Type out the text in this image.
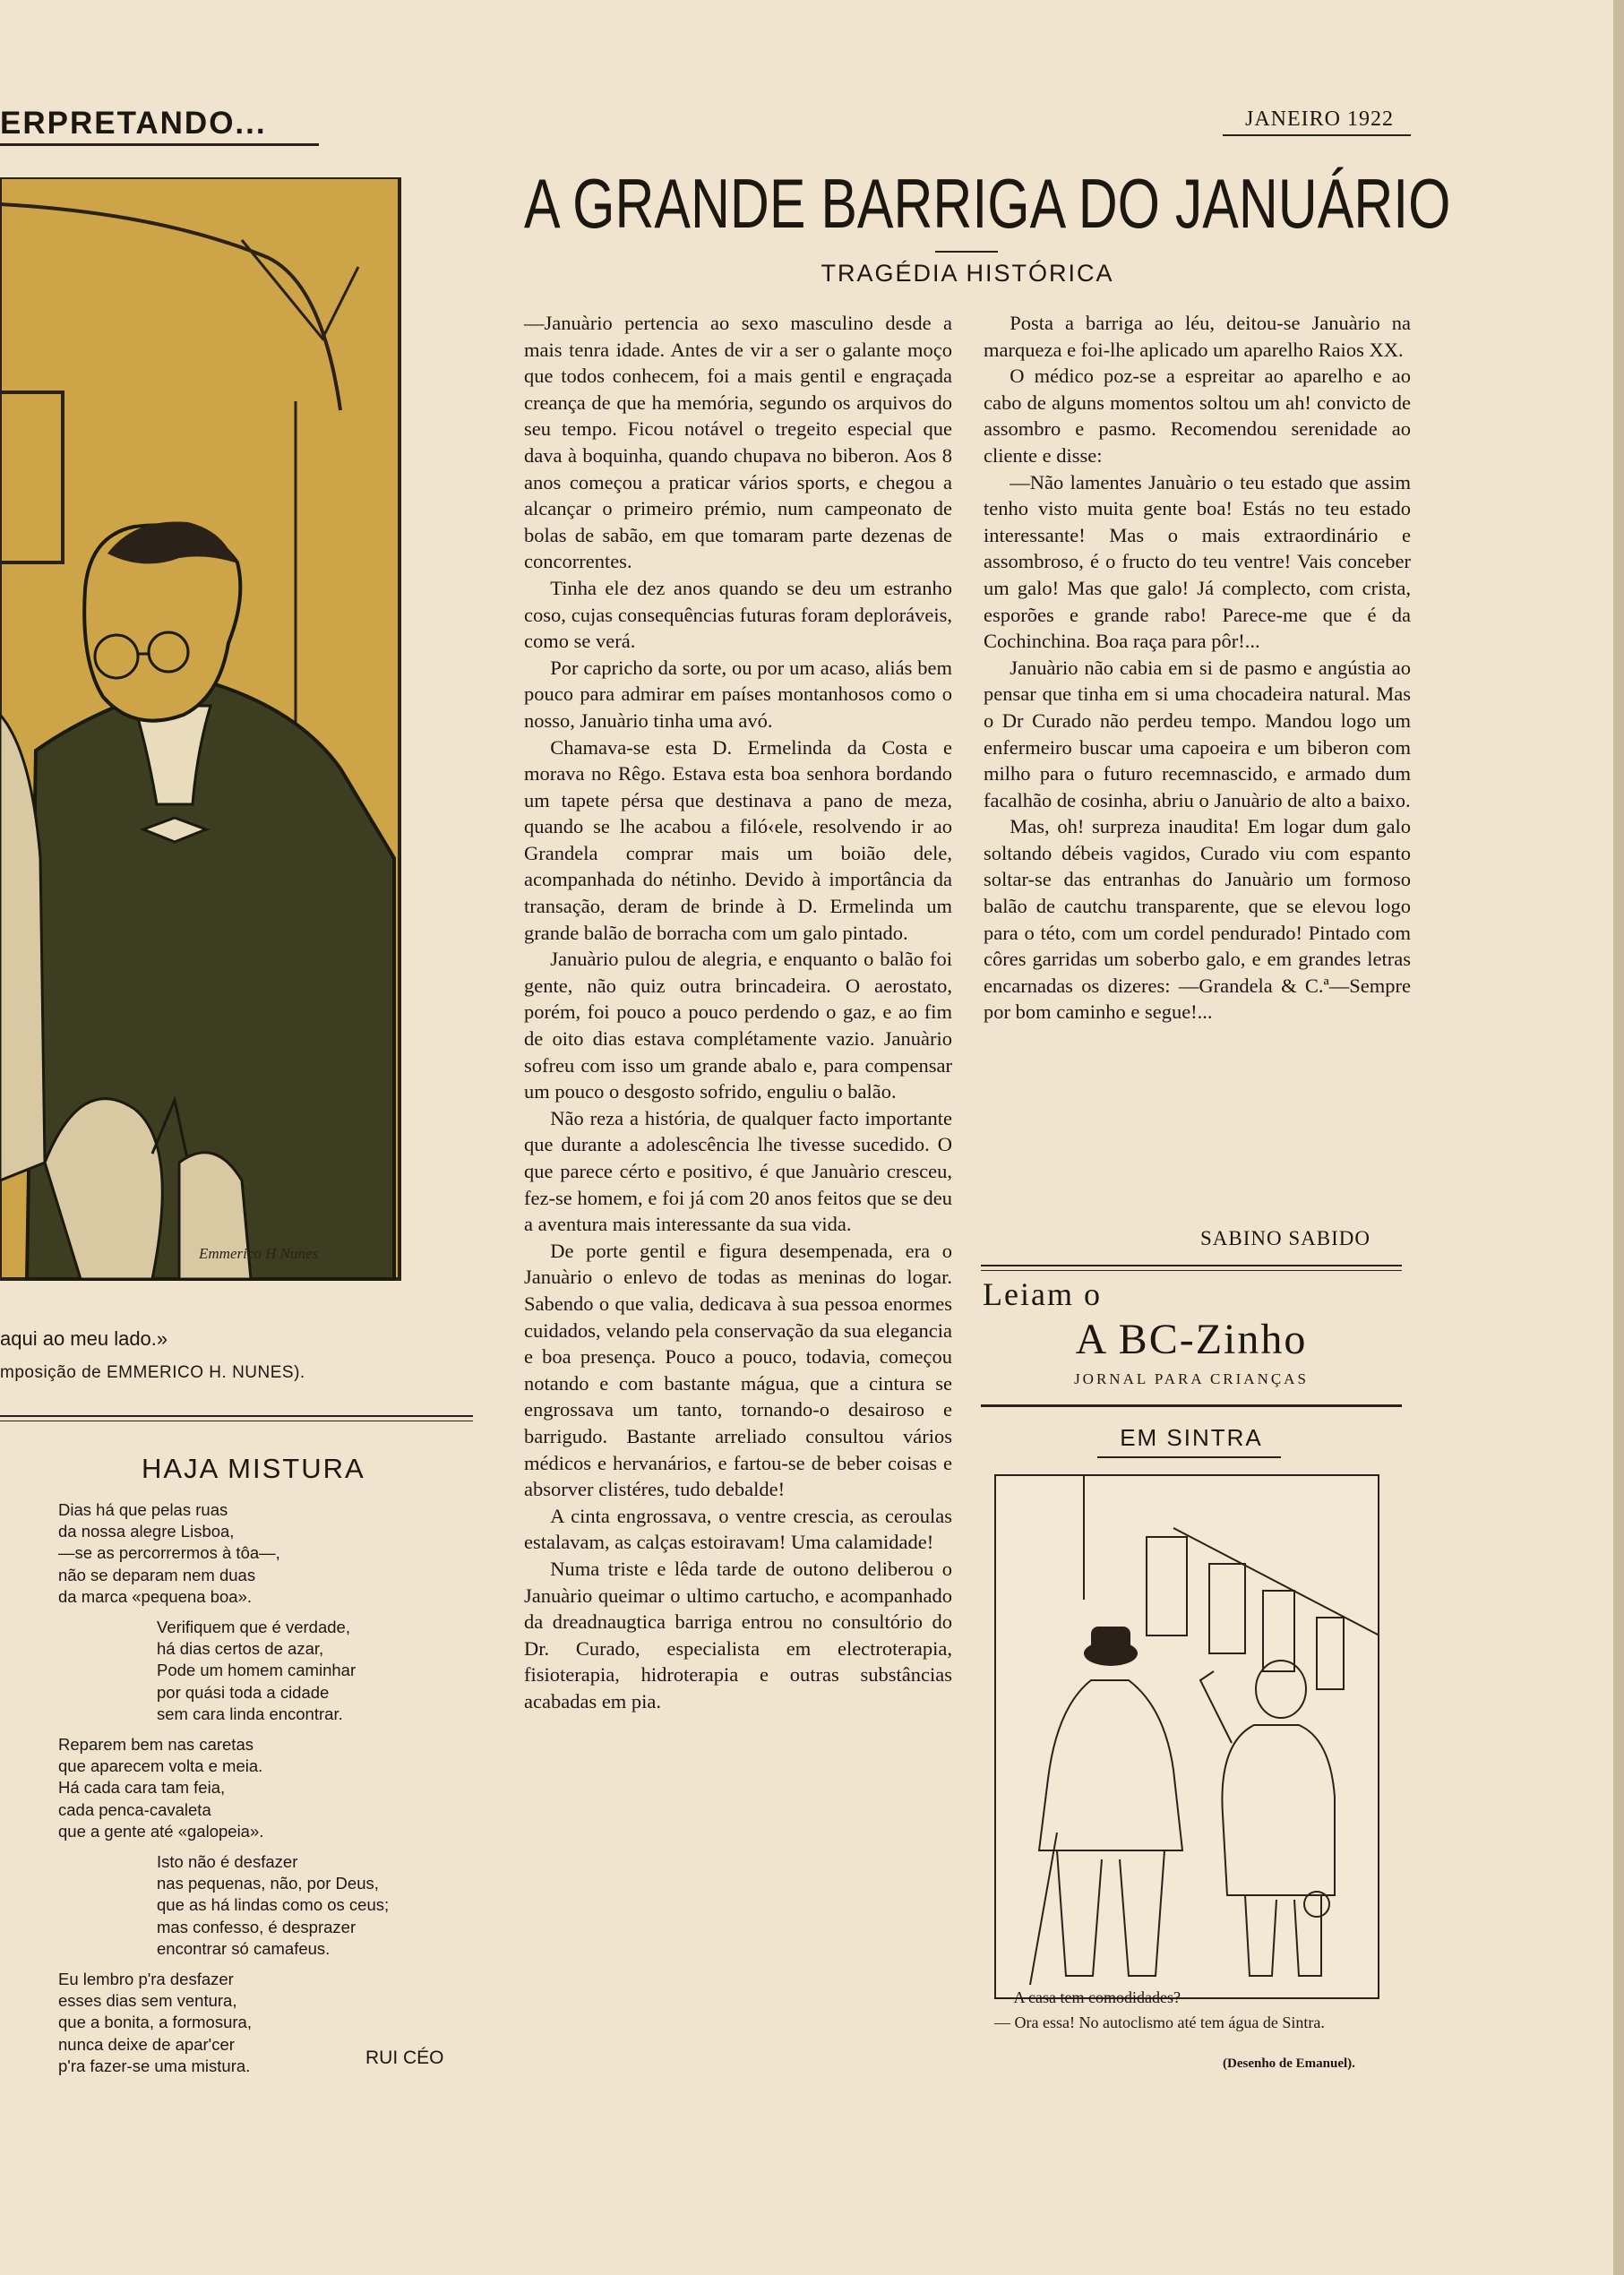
ERPRETANDO...	JANEIRO 1922
Emmerico H Nunes
aqui ao meu lado.»
mposição de EMMERICO H. NUNES).
HAJA MISTURA
Dias há que pelas ruas
da nossa alegre Lisboa,
—se as percorrermos à tôa—,
não se deparam nem duas
da marca «pequena boa».
Verifiquem que é verdade,
há dias certos de azar,
Pode um homem caminhar
por quási toda a cidade
sem cara linda encontrar.
Reparem bem nas caretas
que aparecem volta e meia.
Há cada cara tam feia,
cada penca-cavaleta
que a gente até «galopeia».
Isto não é desfazer
nas pequenas, não, por Deus,
que as há lindas como os ceus;
mas confesso, é desprazer
encontrar só camafeus.
Eu lembro p'ra desfazer
esses dias sem ventura,
que a bonita, a formosura,
nunca deixe de apar'cer
p'ra fazer-se uma mistura.	RUI CÉO
A GRANDE BARRIGA DO JANUÁRIO
TRAGÉDIA HISTÓRICA

—Januàrio pertencia ao sexo masculino desde a mais tenra idade. Antes de vir a ser o galante moço que todos conhecem, foi a mais gentil e engraçada creança de que ha memória, segundo os arquivos do seu tempo. Ficou notável o tregeito especial que dava à boquinha, quando chupava no biberon. Aos 8 anos começou a praticar vários sports, e chegou a alcançar o primeiro prémio, num campeonato de bolas de sabão, em que tomaram parte dezenas de concorrentes.

Tinha ele dez anos quando se deu um estranho coso, cujas consequências futuras foram deploráveis, como se verá.

Por capricho da sorte, ou por um acaso, aliás bem pouco para admirar em países montanhosos como o nosso, Januàrio tinha uma avó.

Chamava-se esta D. Ermelinda da Costa e morava no Rêgo. Estava esta boa senhora bordando um tapete pérsa que destinava a pano de meza, quando se lhe acabou a filó‹ele, resolvendo ir ao Grandela comprar mais um boião dele, acompanhada do nétinho. Devido à importância da transação, deram de brinde à D. Ermelinda um grande balão de borracha com um galo pintado.

Januàrio pulou de alegria, e enquanto o balão foi gente, não quiz outra brincadeira. O aerostato, porém, foi pouco a pouco perdendo o gaz, e ao fim de oito dias estava complétamente vazio. Januàrio sofreu com isso um grande abalo e, para compensar um pouco o desgosto sofrido, enguliu o balão.

Não reza a história, de qualquer facto importante que durante a adolescência lhe tivesse sucedido. O que parece cérto e positivo, é que Januàrio cresceu, fez-se homem, e foi já com 20 anos feitos que se deu a aventura mais interessante da sua vida.

De porte gentil e figura desempenada, era o Januàrio o enlevo de todas as meninas do logar. Sabendo o que valia, dedicava à sua pessoa enormes cuidados, velando pela conservação da sua elegancia e boa presença. Pouco a pouco, todavia, começou notando e com bastante mágua, que a cintura se engrossava um tanto, tornando-o desairoso e barrigudo. Bastante arreliado consultou vários médicos e hervanários, e fartou-se de beber coisas e absorver clistéres, tudo debalde!

A cinta engrossava, o ventre crescia, as ceroulas estalavam, as calças estoiravam! Uma calamidade!

Numa triste e lêda tarde de outono deliberou o Januàrio queimar o ultimo cartucho, e acompanhado da dreadnaugtica barriga entrou no consultório do Dr. Curado, especialista em electroterapia, fisioterapia, hidroterapia e outras substâncias acabadas em pia.

Posta a barriga ao léu, deitou-se Januàrio na marqueza e foi-lhe aplicado um aparelho Raios XX.

O médico poz-se a espreitar ao aparelho e ao cabo de alguns momentos soltou um ah! convicto de assombro e pasmo. Recomendou serenidade ao cliente e disse:

—Não lamentes Januàrio o teu estado que assim tenho visto muita gente boa! Estás no teu estado interessante! Mas o mais extraordinário e assombroso, é o fructo do teu ventre! Vais conceber um galo! Mas que galo! Já complecto, com crista, esporões e grande rabo! Parece-me que é da Cochinchina. Boa raça para pôr!...

Januàrio não cabia em si de pasmo e angústia ao pensar que tinha em si uma chocadeira natural. Mas o Dr Curado não perdeu tempo. Mandou logo um enfermeiro buscar uma capoeira e um biberon com milho para o futuro recemnascido, e armado dum facalhão de cosinha, abriu o Januàrio de alto a baixo.

Mas, oh! surpreza inaudita! Em logar dum galo soltando débeis vagidos, Curado viu com espanto soltar-se das entranhas do Januàrio um formoso balão de cautchu transparente, que se elevou logo para o této, com um cordel pendurado! Pintado com côres garridas um soberbo galo, e em grandes letras encarnadas os dizeres: —Grandela & C.ª—Sempre por bom caminho e segue!...

SABINO SABIDO
Leiam o
A BC-Zinho
JORNAL PARA CRIANÇAS
EM SINTRA
— A casa tem comodidades?
— Ora essa! No autoclismo até tem água de Sintra.
(Desenho de Emanuel).
